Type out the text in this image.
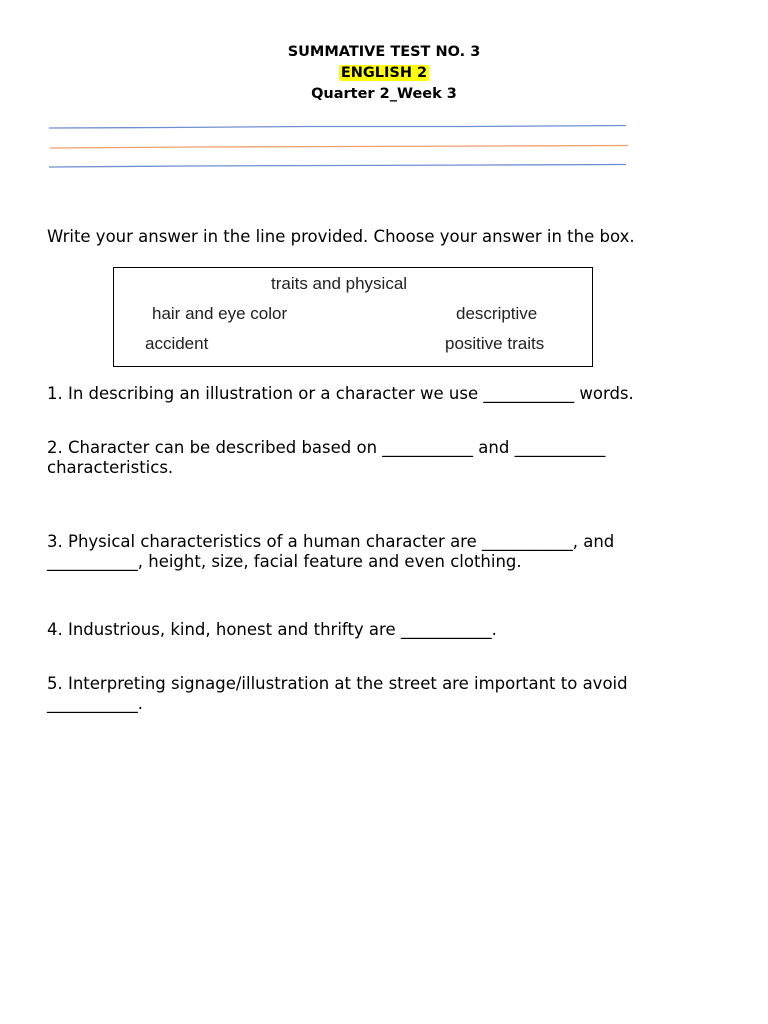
SUMMATIVE TEST NO. 3
ENGLISH 2
Quarter 2_Week 3
Write your answer in the line provided. Choose your answer in the box.
traits and physical
hair and eye color	descriptive
accident	positive traits
1. In describing an illustration or a character we use ___________ words.
2. Character can be described based on ___________ and ___________
characteristics.
3. Physical characteristics of a human character are ___________, and
___________, height, size, facial feature and even clothing.
4. Industrious, kind, honest and thrifty are ___________.
5. Interpreting signage/illustration at the street are important to avoid
___________.
